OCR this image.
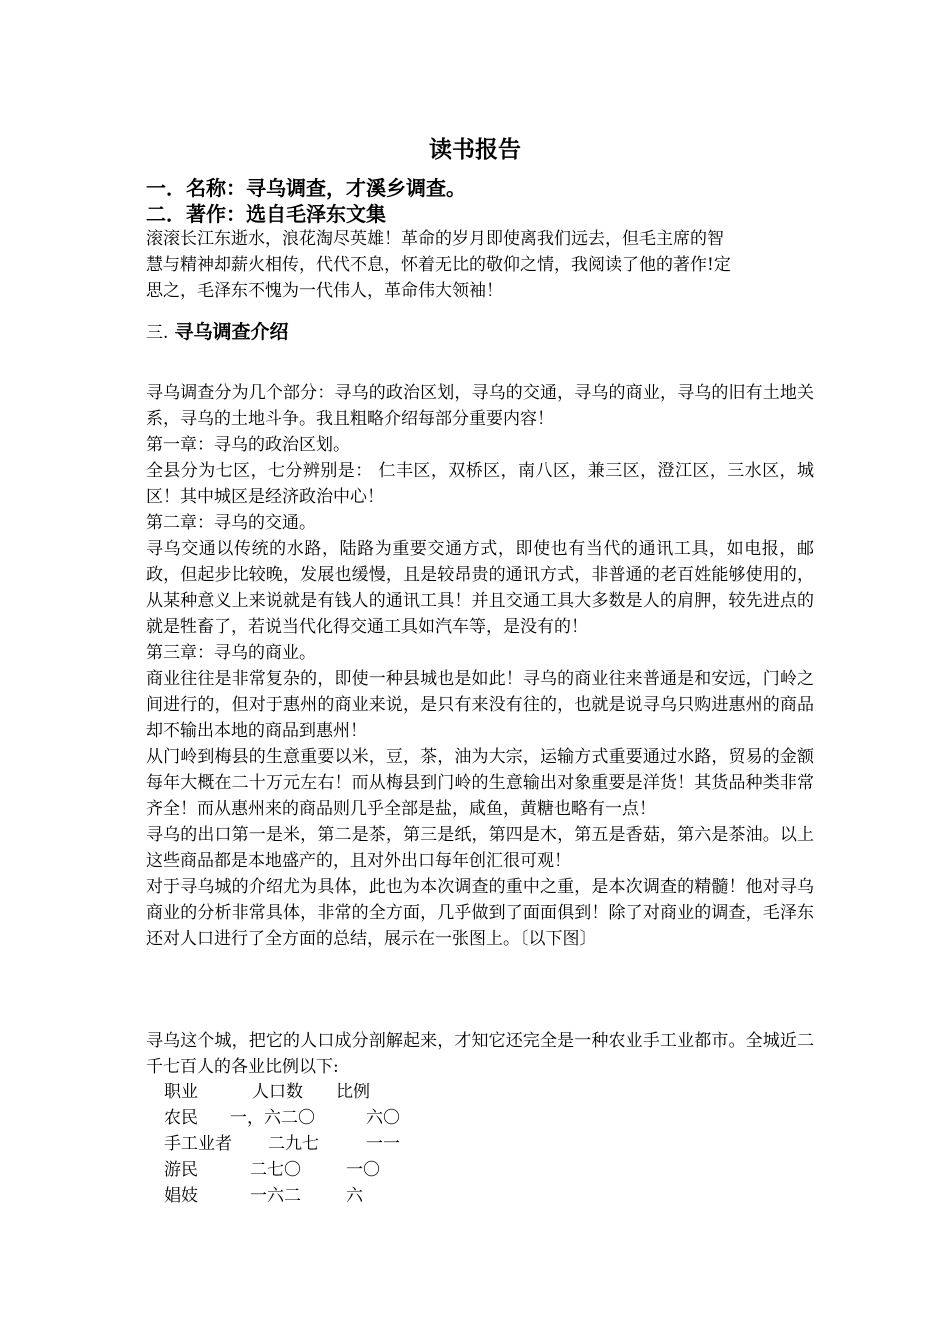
读书报告
一．名称：寻乌调查，才溪乡调查。
二．著作：选自毛泽东文集
滚滚长江东逝水，浪花淘尽英雄！革命的岁月即使离我们远去，但毛主席的智
慧与精神却薪火相传，代代不息，怀着无比的敬仰之情，我阅读了他的著作!定
思之，毛泽东不愧为一代伟人，革命伟大领袖！
三. 寻乌调查介绍
寻乌调查分为几个部分：寻乌的政治区划，寻乌的交通，寻乌的商业，寻乌的旧有土地关系，寻乌的土地斗争。我且粗略介绍每部分重要内容！
第一章：寻乌的政治区划。
全县分为七区，七分辨别是： 仁丰区，双桥区，南八区，兼三区，澄江区，三水区，城区！其中城区是经济政治中心！
第二章：寻乌的交通。
寻乌交通以传统的水路，陆路为重要交通方式，即使也有当代的通讯工具，如电报，邮政，但起步比较晚，发展也缓慢，且是较昂贵的通讯方式，非普通的老百姓能够使用的，从某种意义上来说就是有钱人的通讯工具！并且交通工具大多数是人的肩胛，较先进点的就是牲畜了，若说当代化得交通工具如汽车等，是没有的！
第三章：寻乌的商业。
商业往往是非常复杂的，即使一种县城也是如此！寻乌的商业往来普通是和安远，门岭之间进行的，但对于惠州的商业来说，是只有来没有往的，也就是说寻乌只购进惠州的商品却不输出本地的商品到惠州！
从门岭到梅县的生意重要以米，豆，茶，油为大宗，运输方式重要通过水路，贸易的金额每年大概在二十万元左右！而从梅县到门岭的生意输出对象重要是洋货！其货品种类非常齐全！而从惠州来的商品则几乎全部是盐，咸鱼，黄糖也略有一点！
寻乌的出口第一是米，第二是茶，第三是纸，第四是木，第五是香菇，第六是茶油。以上这些商品都是本地盛产的，且对外出口每年创汇很可观！
对于寻乌城的介绍尤为具体，此也为本次调查的重中之重，是本次调查的精髓！他对寻乌商业的分析非常具体，非常的全方面，几乎做到了面面俱到！除了对商业的调查，毛泽东还对人口进行了全方面的总结，展示在一张图上。〔以下图〕
寻乌这个城，把它的人口成分剖解起来，才知它还完全是一种农业手工业都市。全城近二千七百人的各业比例以下:
职业	人口数 比例
农民 一，六二〇	六〇
手工业者 二九七	一一
游民	二七〇	一〇
娼妓	一六二	六
